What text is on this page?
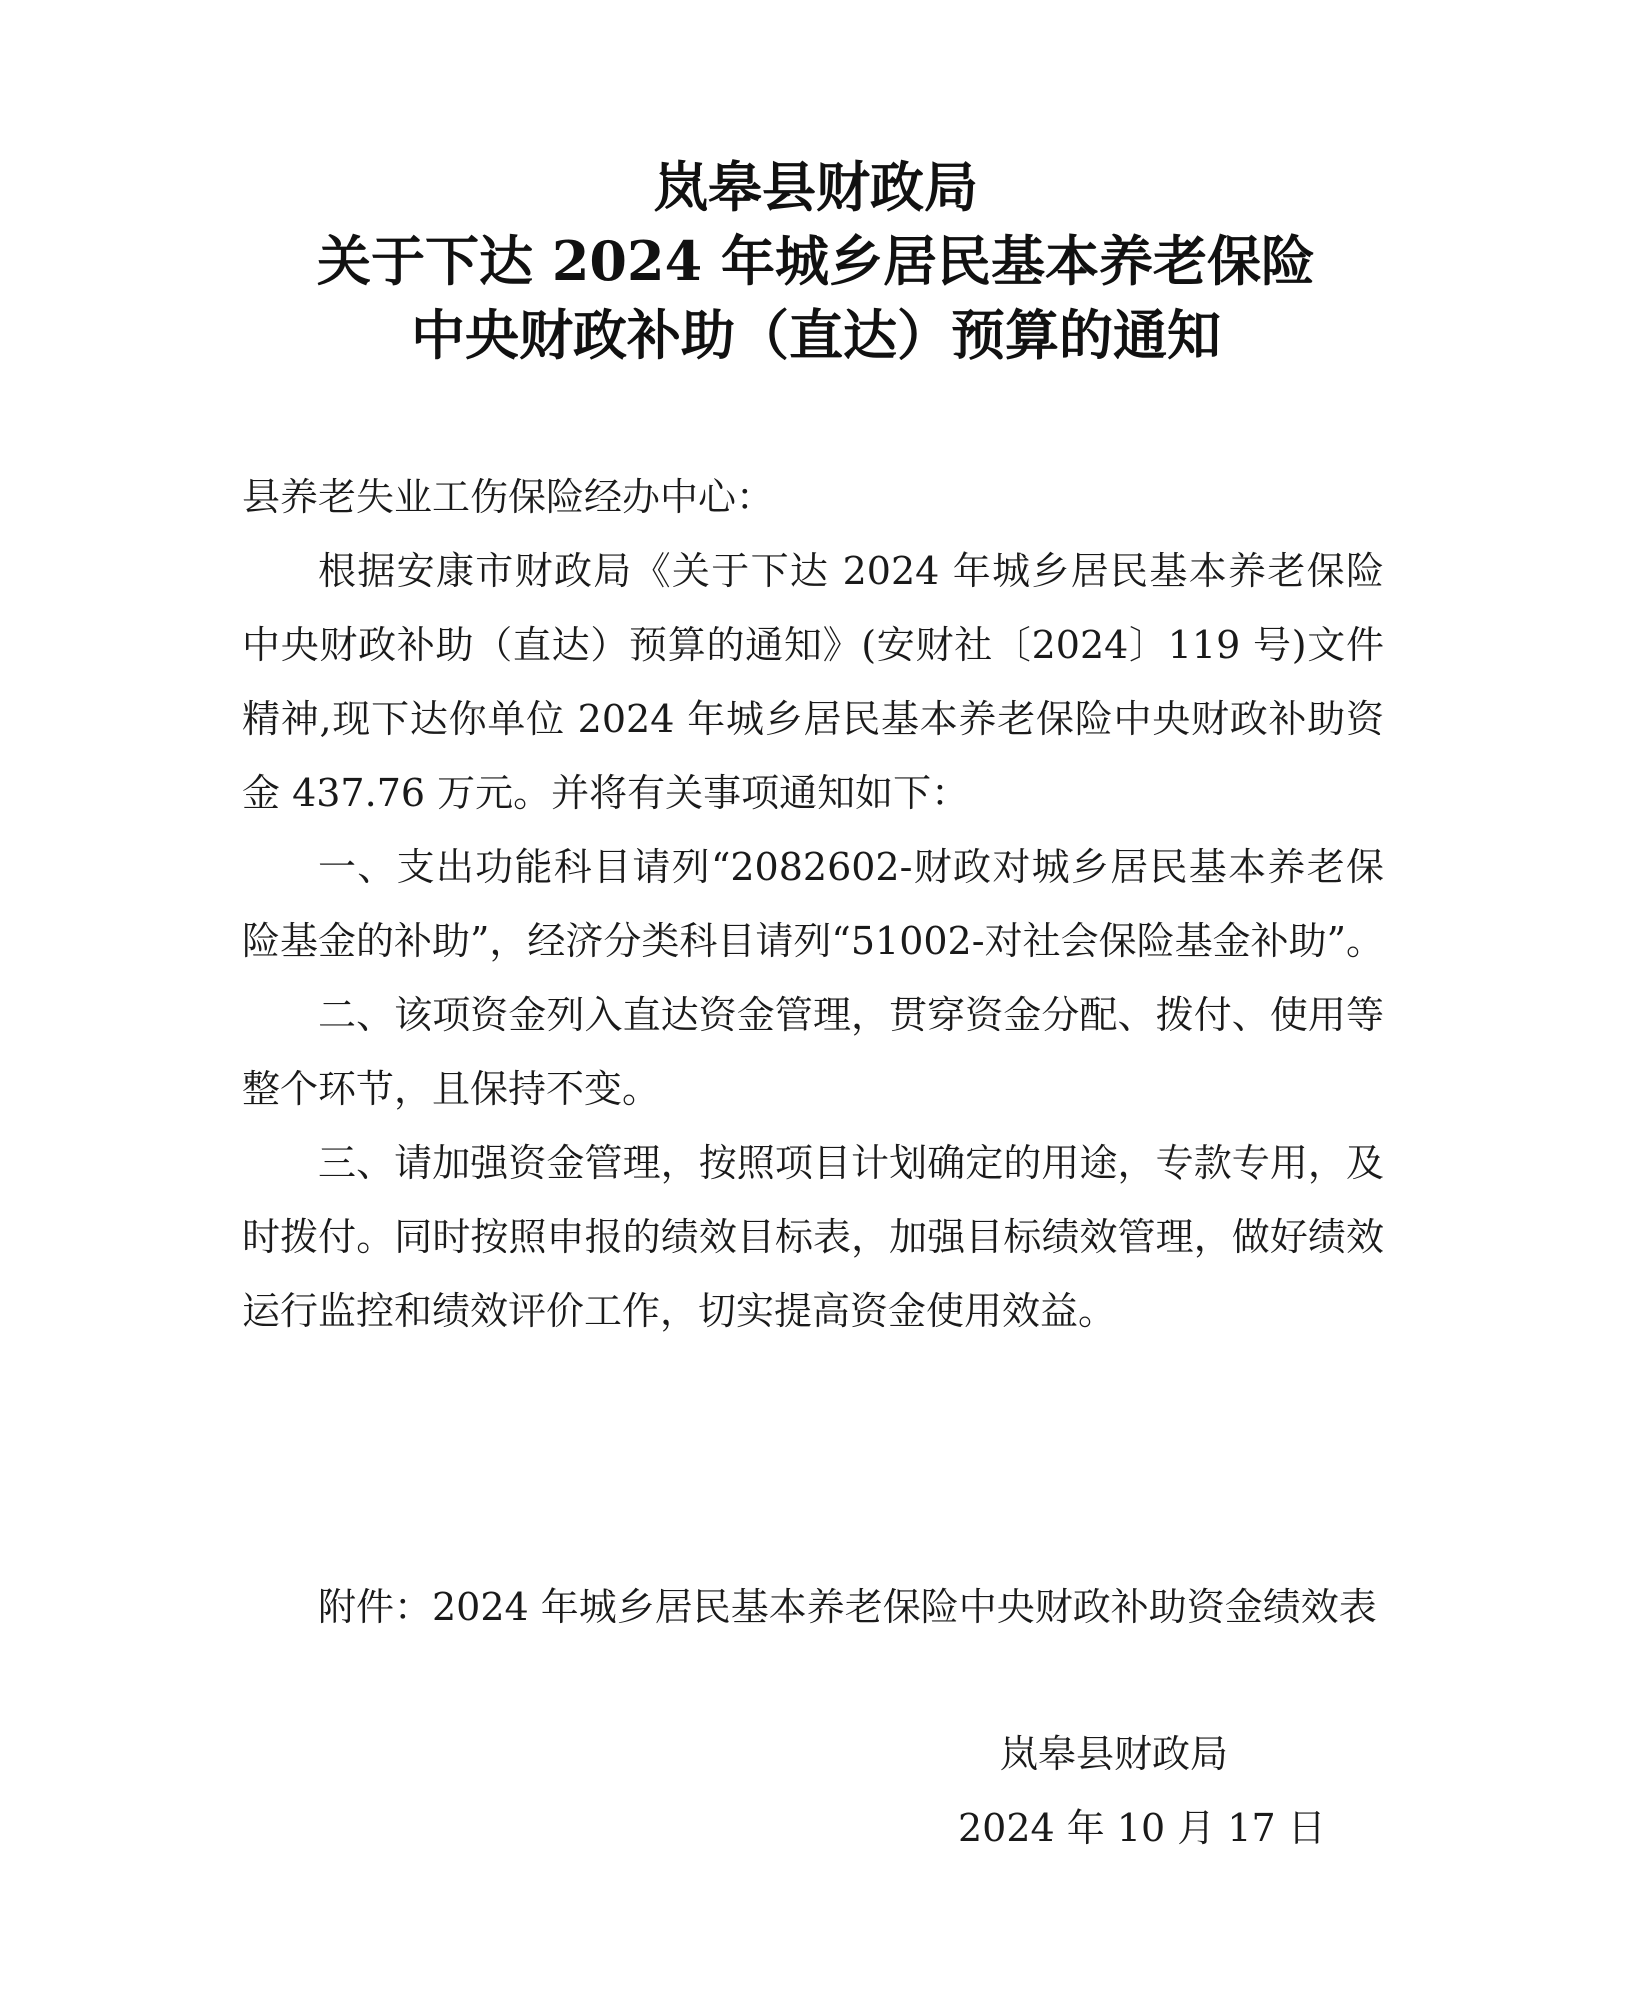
岚皋县财政局
关于下达 2024 年城乡居民基本养老保险
中央财政补助（直达）预算的通知
县养老失业工伤保险经办中心：

根据安康市财政局《关于下达 2024 年城乡居民基本养老保险中央财政补助（直达）预算的通知》(安财社〔2024〕119 号)文件精神,现下达你单位 2024 年城乡居民基本养老保险中央财政补助资金 437.76 万元。并将有关事项通知如下：

一、支出功能科目请列“2082602-财政对城乡居民基本养老保险基金的补助”，经济分类科目请列“51002-对社会保险基金补助”。

二、该项资金列入直达资金管理，贯穿资金分配、拨付、使用等整个环节，且保持不变。

三、请加强资金管理，按照项目计划确定的用途，专款专用，及时拨付。同时按照申报的绩效目标表，加强目标绩效管理，做好绩效运行监控和绩效评价工作，切实提高资金使用效益。

附件：2024 年城乡居民基本养老保险中央财政补助资金绩效表

岚皋县财政局
2024 年 10 月 17 日
